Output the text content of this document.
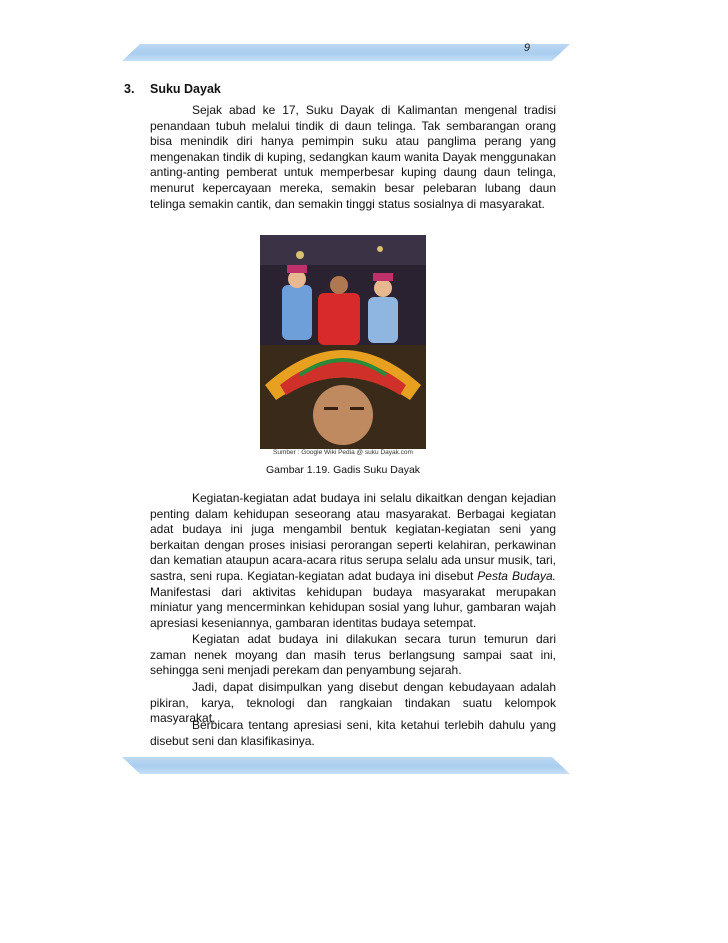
9
3. Suku Dayak

Sejak abad ke 17, Suku Dayak di Kalimantan mengenal tradisi penandaan tubuh melalui tindik di daun telinga. Tak sembarangan orang bisa menindik diri hanya pemimpin suku atau panglima perang yang mengenakan tindik di kuping, sedangkan kaum wanita Dayak menggunakan anting-anting pemberat untuk memperbesar kuping daung daun telinga, menurut kepercayaan mereka, semakin besar pelebaran lubang daun telinga semakin cantik, dan semakin tinggi status sosialnya di masyarakat.

Sumber : Google Wiki Pedia @ suku Dayak.com
Gambar 1.19. Gadis Suku Dayak

Kegiatan-kegiatan adat budaya ini selalu dikaitkan dengan kejadian penting dalam kehidupan seseorang atau masyarakat. Berbagai kegiatan adat budaya ini juga mengambil bentuk kegiatan-kegiatan seni yang berkaitan dengan proses inisiasi perorangan seperti kelahiran, perkawinan dan kematian ataupun acara-acara ritus serupa selalu ada unsur musik, tari, sastra, seni rupa. Kegiatan-kegiatan adat budaya ini disebut Pesta Budaya. Manifestasi dari aktivitas kehidupan budaya masyarakat merupakan miniatur yang mencerminkan kehidupan sosial yang luhur, gambaran wajah apresiasi keseniannya, gambaran identitas budaya setempat.

Kegiatan adat budaya ini dilakukan secara turun temurun dari zaman nenek moyang dan masih terus berlangsung sampai saat ini, sehingga seni menjadi perekam dan penyambung sejarah.

Jadi, dapat disimpulkan yang disebut dengan kebudayaan adalah pikiran, karya, teknologi dan rangkaian tindakan suatu kelompok masyarakat.

Berbicara tentang apresiasi seni, kita ketahui terlebih dahulu yang disebut seni dan klasifikasinya.
